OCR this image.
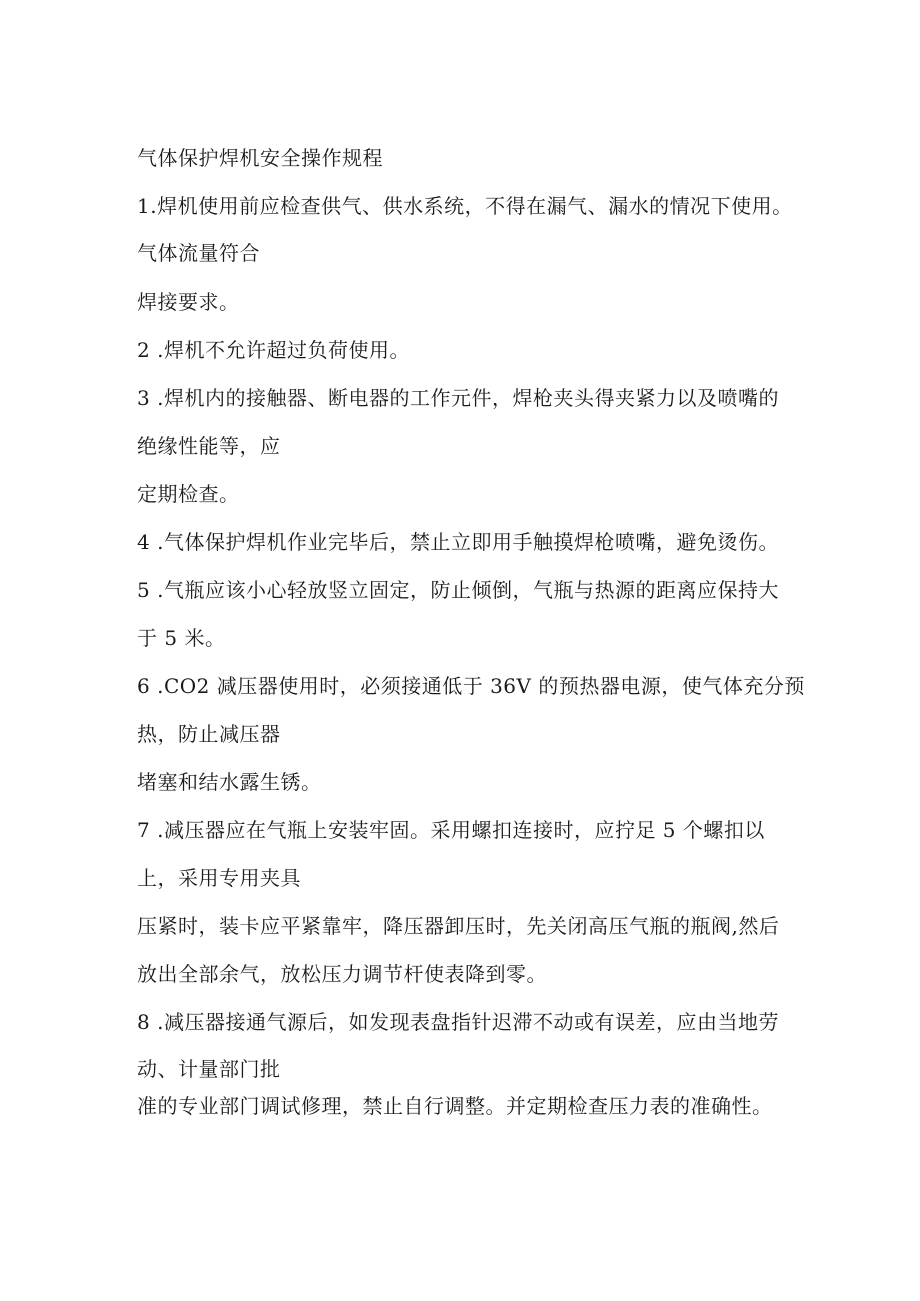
气体保护焊机安全操作规程
1.焊机使用前应检查供气、供水系统，不得在漏气、漏水的情况下使用。
气体流量符合
焊接要求。
2 .焊机不允许超过负荷使用。
3 .焊机内的接触器、断电器的工作元件，焊枪夹头得夹紧力以及喷嘴的
绝缘性能等，应
定期检查。
4 .气体保护焊机作业完毕后，禁止立即用手触摸焊枪喷嘴，避免烫伤。
5 .气瓶应该小心轻放竖立固定，防止倾倒，气瓶与热源的距离应保持大
于 5 米。
6 .CO2 减压器使用时，必须接通低于 36V 的预热器电源，使气体充分预
热，防止减压器
堵塞和结水露生锈。
7 .减压器应在气瓶上安装牢固。采用螺扣连接时，应拧足 5 个螺扣以
上，采用专用夹具
压紧时，装卡应平紧靠牢，降压器卸压时，先关闭高压气瓶的瓶阀,然后
放出全部余气，放松压力调节杆使表降到零。
8 .减压器接通气源后，如发现表盘指针迟滞不动或有误差，应由当地劳
动、计量部门批
准的专业部门调试修理，禁止自行调整。并定期检查压力表的准确性。
